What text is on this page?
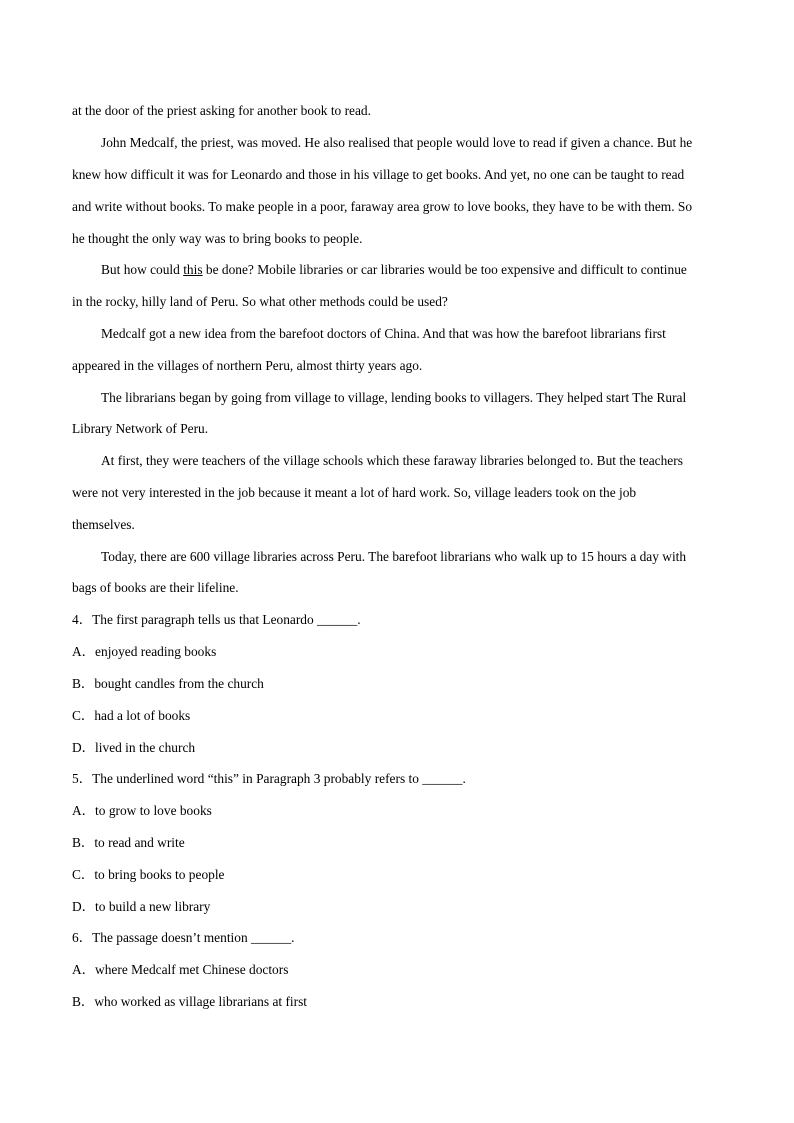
at the door of the priest asking for another book to read.
John Medcalf, the priest, was moved. He also realised that people would love to read if given a chance. But he
knew how difficult it was for Leonardo and those in his village to get books. And yet, no one can be taught to read
and write without books. To make people in a poor, faraway area grow to love books, they have to be with them. So
he thought the only way was to bring books to people.
But how could this be done? Mobile libraries or car libraries would be too expensive and difficult to continue
in the rocky, hilly land of Peru. So what other methods could be used?
Medcalf got a new idea from the barefoot doctors of China. And that was how the barefoot librarians first
appeared in the villages of northern Peru, almost thirty years ago.
The librarians began by going from village to village, lending books to villagers. They helped start The Rural
Library Network of Peru.
At first, they were teachers of the village schools which these faraway libraries belonged to. But the teachers
were not very interested in the job because it meant a lot of hard work. So, village leaders took on the job
themselves.
Today, there are 600 village libraries across Peru. The barefoot librarians who walk up to 15 hours a day with
bags of books are their lifeline.
4．The first paragraph tells us that Leonardo ______.
A．enjoyed reading books
B．bought candles from the church
C．had a lot of books
D．lived in the church
5．The underlined word “this” in Paragraph 3 probably refers to ______.
A．to grow to love books
B．to read and write
C．to bring books to people
D．to build a new library
6．The passage doesn’t mention ______.
A．where Medcalf met Chinese doctors
B．who worked as village librarians at first
